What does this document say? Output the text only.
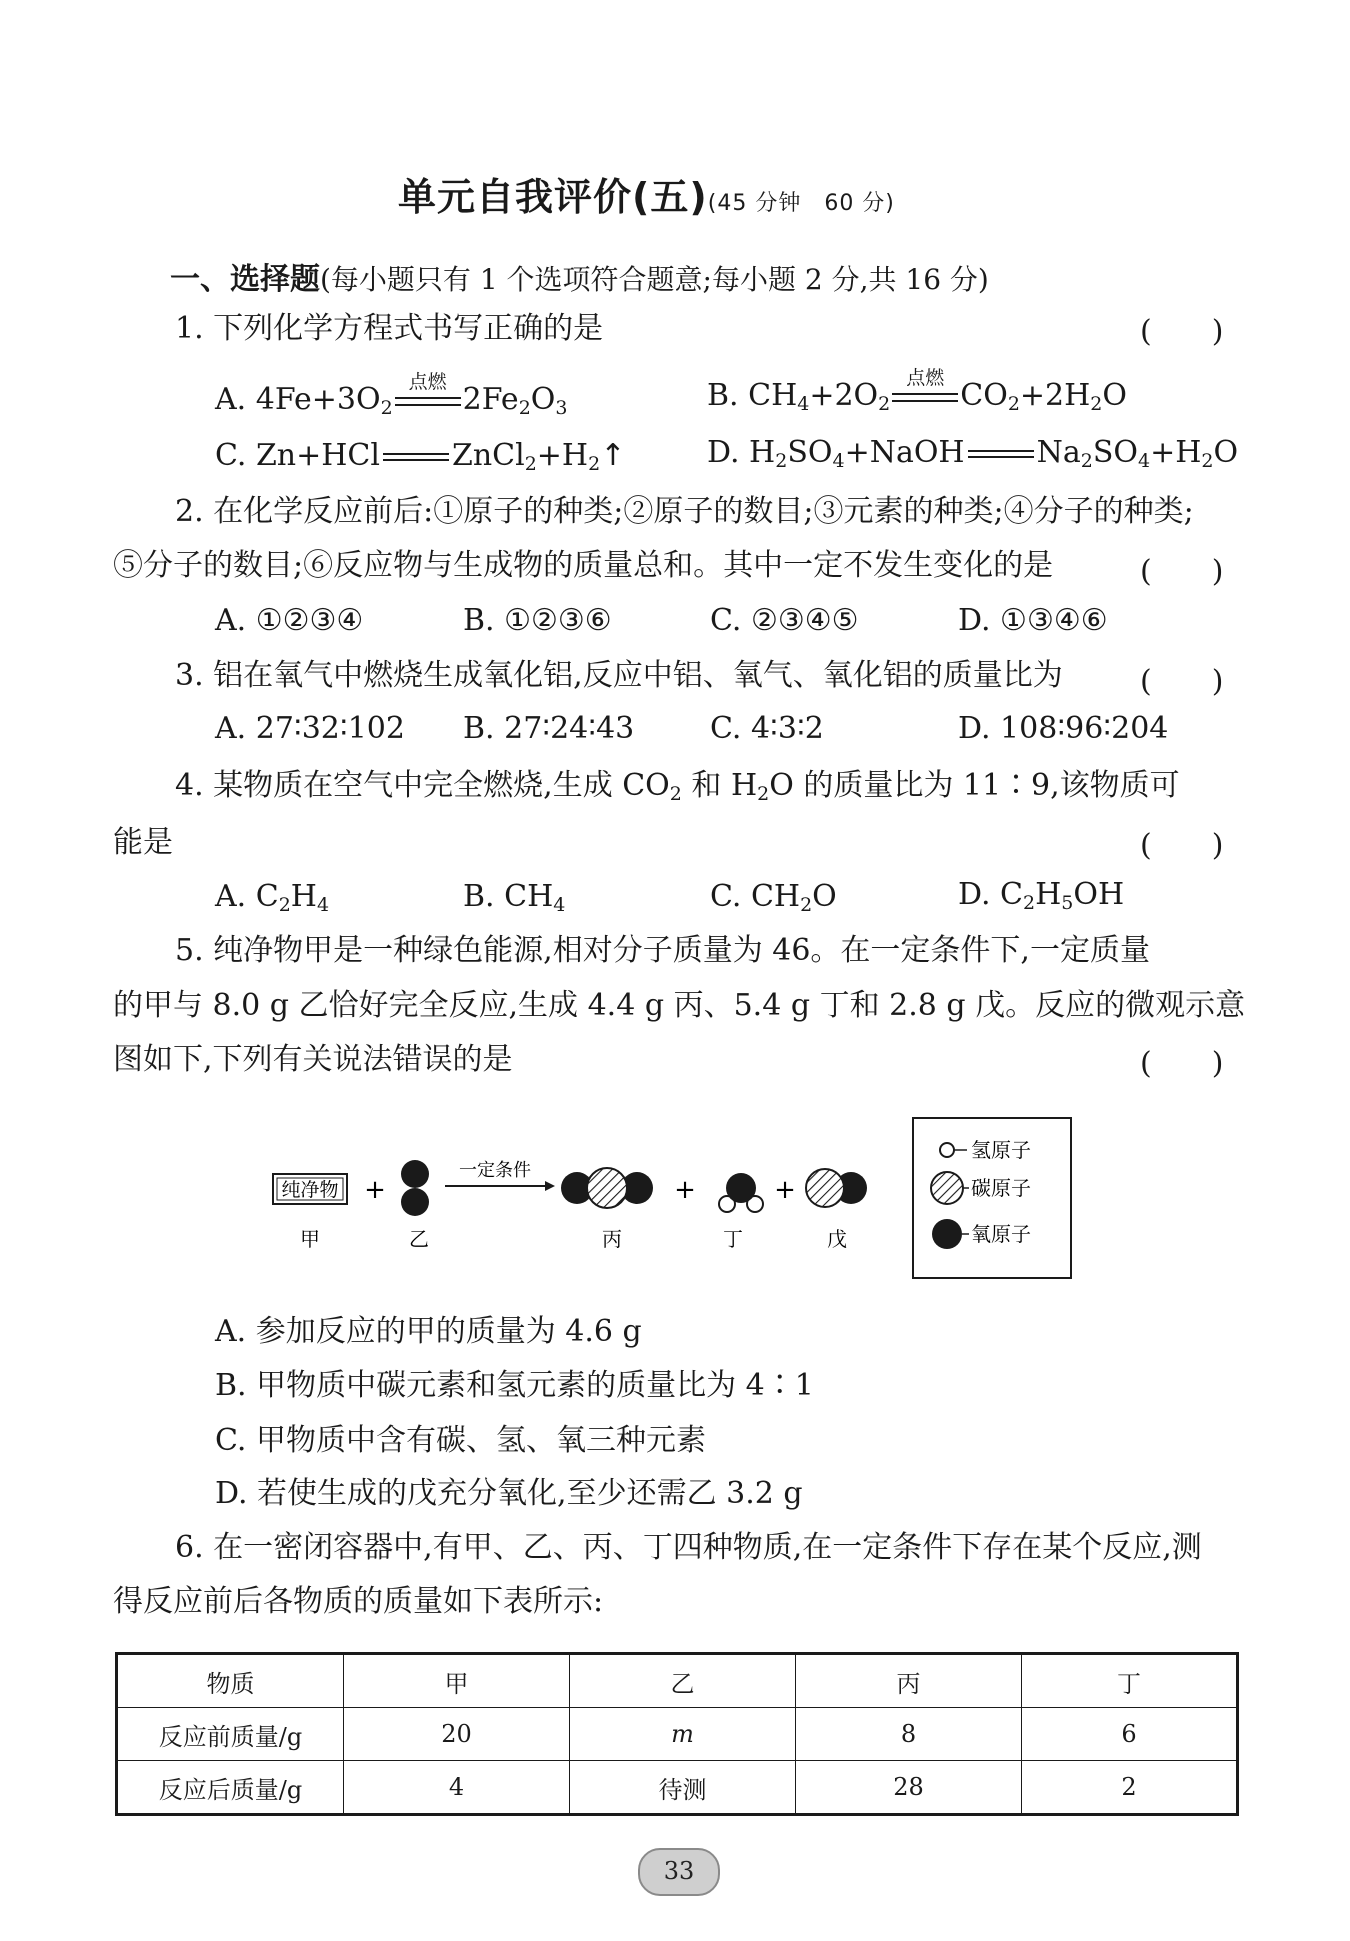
单元自我评价(五)(45 分钟　60 分)
一、选择题(每小题只有 1 个选项符合题意;每小题 2 分,共 16 分)
1. 下列化学方程式书写正确的是	(　　)
A. $4Fe+3O_2$
点燃 $2Fe_2O_3$	B. $CH_4+2O_2$
点燃 $CO_2+2H_2O$
C. Zn+HCl $ZnCl_2+H_2↑$	D. $H_2SO_4+NaOH$ $Na_2SO_4+H_2O$
2. 在化学反应前后:①原子的种类;②原子的数目;③元素的种类;④分子的种类;
⑤分子的数目;⑥反应物与生成物的质量总和。其中一定不发生变化的是	(　　)
A. ①②③④	B. ①②③⑥	C. ②③④⑤	D. ①③④⑥
3. 铝在氧气中燃烧生成氧化铝,反应中铝、氧气、氧化铝的质量比为	(　　)
A. 27∶32∶102 B. 27∶24∶43	C. 4∶3∶2	D. 108∶96∶204
4. 某物质在空气中完全燃烧,生成 $CO_2$ 和 $H_2O$ 的质量比为 11∶9,该物质可
能是	(　　)
A. $C_2H_4$	B. $CH_4$	C. $CH_2O$	D. $C_2H_5OH$
5. 纯净物甲是一种绿色能源,相对分子质量为 46。在一定条件下,一定质量
的甲与 8.0 g 乙恰好完全反应,生成 4.4 g 丙、5.4 g 丁和 2.8 g 戊。反应的微观示意
图如下,下列有关说法错误的是	(　　)
纯净物 +
一定条件
+	+
甲	乙	丙	丁	戊
氢原子
碳原子
氧原子
A. 参加反应的甲的质量为 4.6 g
B. 甲物质中碳元素和氢元素的质量比为 4∶1
C. 甲物质中含有碳、氢、氧三种元素
D. 若使生成的戊充分氧化,至少还需乙 3.2 g
6. 在一密闭容器中,有甲、乙、丙、丁四种物质,在一定条件下存在某个反应,测
得反应前后各物质的质量如下表所示:
物质	甲	乙	丙	丁
反应前质量/g	20	m	8	6
反应后质量/g	4	待测	28	2
33
